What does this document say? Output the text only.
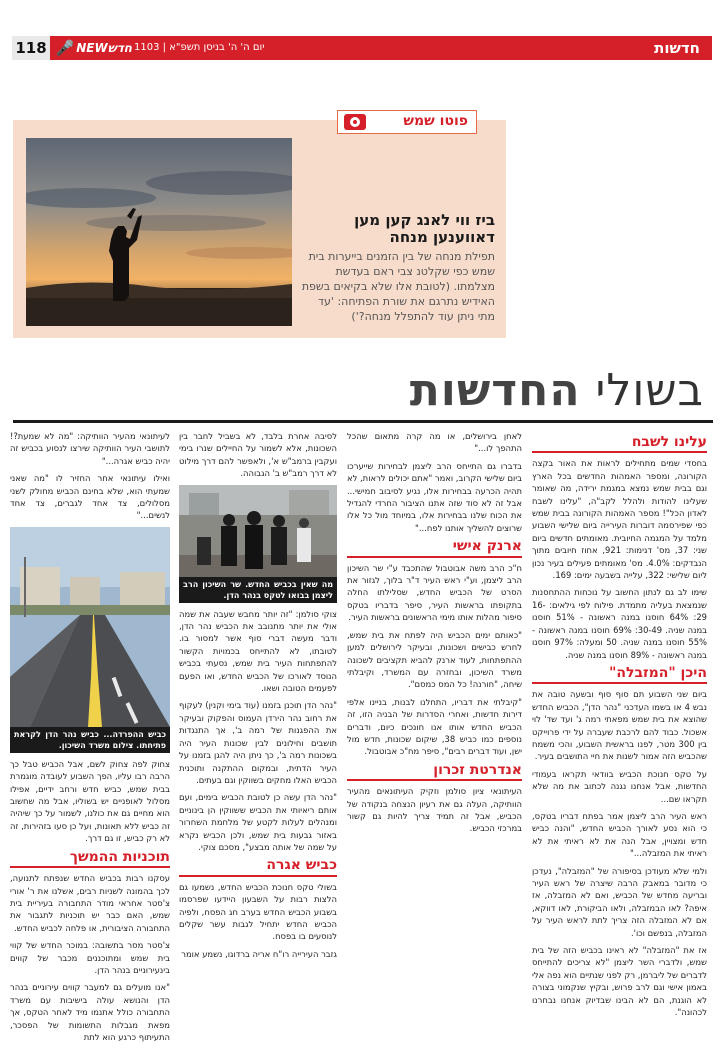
118 🎤 חדשNEW יום ה' ה' בניסן תשפ"א | 1103	חדשות
פוטו שמש
ביז ווי לאנג קען מען דאווענען מנחה
תפילת מנחה של בין הזמנים בייערות בית שמש כפי שקלטנ צבי ראם בעדשת מצלמתו. (לטובת אלו שלא בקיאים בשפת האידיש נתרגם את שורת הפתיחה: 'עד מתי ניתן עוד להתפלל מנחה?')
בשולי החדשות
עלינו לשבח
בחסדי שמים מתחילים לראות את האור בקצה הקורונה, ומספר האמהות החדשים בכל הארץ וגם בבית שמש נמצא במגמת ירידה, מה שאומר שעלינו להודות ולהלל לקב"ה, "עלינו לשבח לאדון הכל"! מספר האמהות הקורונה בבית שמש כפי שפירסמה דוברות העירייה ביום שלישי השבוע מלמד על המגמה החיובית. מאומתים חדשים ביום שני: 37, מס' דגימות: 921, אחוז חיובים מתוך הנבדקים: 4.0%. מס' מאומתים פעילים בעיר נכון ליום שלישי: 322, עלייה בשבעה ימים: 169.
שימו לב גם לנתון החשוב על נוכחות ההתחסנות שנמצאת בעליה מתמדת. פילוח לפי גילאים: 16-29: 64% חוסנו במנה ראשונה - 51% חוסנו במנה שניה. 30-49: 69% חוסנו במנה ראשונה - 55% חוסנו במנה שניה. 50 ומעלה: 97% חוסנו במנה ראשונה - 89% חוסנו במנה שניה.
היכן "המזבלה"
ביום שני השבוע תם סוף סוף ובשעה טובה את נבש 4 או בשמו העדכני "נהר הדן", הכביש החדש שהוצא את בית שמש מפאתי רמה ג' ועד שד' לוי אשכול. כבוד להם לרכבת שעברה על ידי פרוייקט בין 300 מטר, לפנו בראשית השבוע, והכי משמח שהכביש הזה אמור לשנות את חיי התושבים בעיר.
על טקס חנוכת הכביש בוודאי תקראו בעמודי החדשות, אבל אנחנו נגנה לכתוב את מה שלא תקראו שם...
ראש העיר הרב ליצמן אמר בפתח דבריו בטקס, כי הוא נסע לאורך הכביש החדש, "והנה כביש חדש ומצויין, אבל הנה את לא ראיתי את לא ראיתי את המזבלה..."
ולמי שלא מעודכן בסיפורה של "המזבלה", נעדכן כי מדובר במאבק הרבה שיצרה של ראש העיר ובריעה מחדש של הכביש, ואם לא המזבלה, אז איפה? לאו הבמזבלה, ולאו הביקורת, לאו דווקא, אם לא המזבלה הזה צריך לתת לראש העיר על המזבלה, בנפשם וכו'.
אז את "המזבלה" לא ראינו בכביש הזה של בית שמש, ולדברי השר ליצמן "לא צריכים להתייחס לדברים של ליברמן, רק לפני שנתיים הוא נפה אלי באמון אישי וגם לרב פרוש, ובקיץ שנקמוני בצורה לא הוגנת, הם לא הבינו שבדיוק אנחנו נבחרנו לכהונה".
לאחן בירושלים, או מה קרה מתאום שהכל התהפך לו..."
בדברו גם התייחס הרב ליצמן לבחירות שייערכו ביום שלישי הקרוב, ואמר "אתם יכולים לראות, לא תהיה הכרעה בבחירות אלו, נגיע לסיבוב חמישי... אבל זה לא סוד שזה אתנו הציבור החרדי להגדיל את הכוח שלנו בבחירות אלו, במיוחד מול כל אלו שרוצים להשליך אותנו לפח..."
ארנק אישי
ח"כ הרב משה אבוטבול שהתכבד ע"י שר השיכון הרב ליצמן, וע"י ראש העיר ד"ר בלוך, לגזור את הסרט של הכביש החדש, שסלילתו החלה בתקופתו בראשות העיר, סיפר בדבריו בטקס סיפור מהלות אותו מימי הראשונים בראשות העיר.
"כאותם ימים הכביש היה לפתח את בית שמש, לחרש כבישים ושכונות, ובעיקר לירושלים למען ההתפתחות, לעוד ארנק להביא תקציבים לשכונה משרד השיכון, ובחזרה עם המשרד, וקיבלתי שיחה, "חורנה! כל המס כמסם".
"קיבלתי את דבריו, התחלנו לבנות, בניינו אלפי דירות חדשות, ואחרי הסדרות של הבניה הזו, זה הכביש החדש אותו אנו חונכים כיום, ודברים נוספים כמו כביש 38, שיקום שכונות, חדש מול ישן, ועוד דברים רבים", סיפר מח"כ אבוטבול.
אנדרטת זכרון
העיתונאי ציון סולמן וזקיק העיתונאים מהעיר הוותיקה, העלה גם את רעיון הנצחה בנקודה של הכביש, אבל זה תמיד צריך להיות גם קשור במרכזי הכביש.
לסיבה אחרת בלבד, לא בשביל לחבר בין השכונות, אלא לשמור על החיילים שנרו בימי ועקבין ברמב"ש א', ולאפשר להם דרך מילוט לא דרך רמב"ש ב' הגבוהה.
מה שאין בכביש החדש. שר השיכון הרב ליצמן בבואו לטקס בנהר הדן.
צוקי סולמן: "זה יותר מחבש שעבה את שמה אולי את יותר מתנובב את הכביש נהר הדן, ודבר מעשה דברי סוף אשר למסור בו. לטובתו, לא להתייחס בכמויות הקשור להתפתחות העיר בית שמש, נסעתי בכביש הנוסד לאורכו של הכביש החדש, ואו הפעם לפעמים הטובה ושאו.
"נהר הדן תוכנן בזמנו (עוד בימי וקנין) לעקוף את רחוב נהר הירדן העמוס והפקוק ובעיקר את ההפגנות של רמה ב', אך התנגדות תושבים וחילונים לבין שכונות העיר היה בשכונות רמה ב', כך ניתן היה להגן בזמנו על העיר הדתית, ובמקום ההתקנה ותוכנית הכביש האלו מחקים בשווקין וגם בעתים.
"נהר הדן עשה כן לטובת הכביש בימים, ועם אותם ריאיותי את הכביש ששווקין הן בינוניים ומנהלים לעלות לקטע של מלחמת השחרור באזור גבעות בית שמש, ולכן הכביש נקרא על שמה של אותה מבצע", מסכם צוקי.
כביש אגרה
בשולי טקס חנוכת הכביש החדש, נשמעו גם הלצות רבות על השבעון היידעו שפרסמו בשבוע הכביש החדש בערב חג הפסח, ולפיה הכביש החדש יתחיל לגבות עשר שקלים לנוסעים בו בפסח.
גזבר העירייה רו"ח אריה ברדוגו, נשמע אומר
לעיתונאי מהעיר הוותיקה: "מה לא שמעת?! לתושבי העיר הוותיקה שירצו לנסוע בכביש זה יהיה כביש אגרה..."
ואילו עיתונאי אחר החזיר לו "מה שאני שמעתי הוא, שלא בחינם הכביש מחולק לשני מסלולים, צד אחד לגברים, צד אחד לנשים..."
כביש ההפרדה... כביש נהר הדן לקראת פתיחתו. צילום משרד השיכון.
צחוק לפה צחוק לשם, אבל הכביש טבל כך הרבה רבו עליו, הפך השבוע לעובדה מוגמרת בבית שמש, כביש חדש ורחב ידיים, אפילו מסלול לאופניים יש בשוליו, אבל מה שחשוב הוא מחיים גם את כולנו, לשמור על כך שיהיה זה כביש ללא תאונות, ועל כן סעו בזהירות, זה לא רק כביש, זו גם דרך.
תוכניות ההמשך
עסקנו רבות בכביש החדש שנפתח לתנועה, לכך בהמונה לשניות רבים, אשלנו את ר' אורי צ'סטר אחראי מודר התחבורה בעיריית בית שמש, האם כבר יש תוכניות לתגבור את התחבורה הציבורית, או פלחה לכביש החדש.
צ'סטר מסר בתשובה: במוכר החדש של קווי בית שמש ומתוכננים מכבר של קווים בינעירוניים בנהר הדן.
"אנו מועלים גם למעבר קווים עירוניים בנהר הדן והנושא עולה בישיבות עם משרד התחבורה כולל אתנמו מיד לאחר הטקס, אך מפאת מגבלות התשומות של הפסכר, התעיתוף כרגע הוא לתת
